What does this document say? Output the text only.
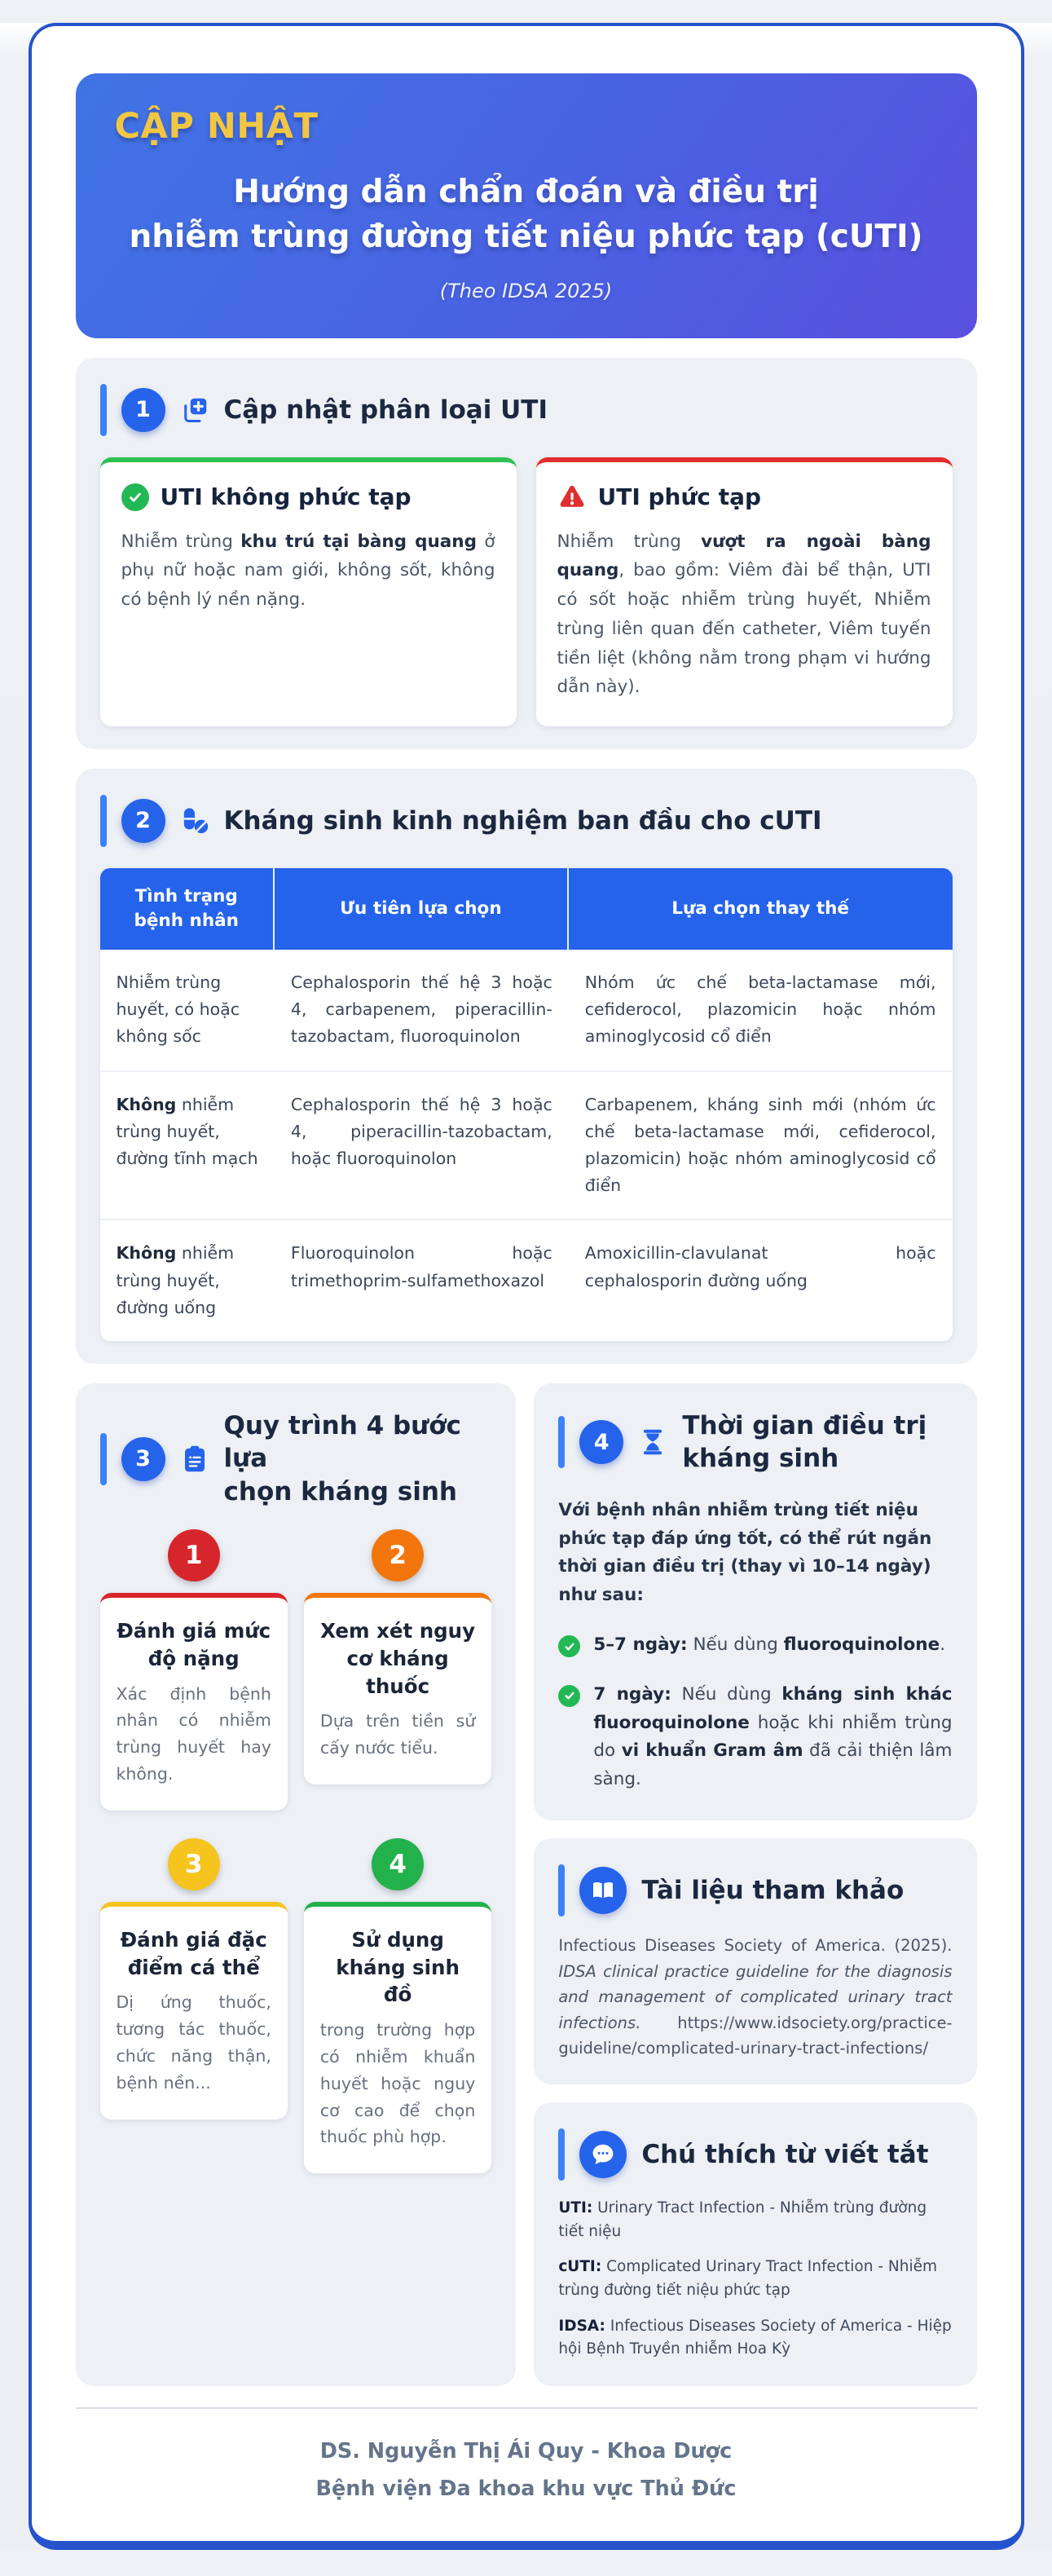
CẬP NHẬT
Hướng dẫn chẩn đoán và điều trị
nhiễm trùng đường tiết niệu phức tạp (cUTI)
(Theo IDSA 2025)
1	Cập nhật phân loại UTI
UTI không phức tạp
Nhiễm trùng khu trú tại bàng quang ở phụ nữ hoặc nam giới, không sốt, không có bệnh lý nền nặng.
UTI phức tạp
Nhiễm trùng vượt ra ngoài bàng quang, bao gồm: Viêm đài bể thận, UTI có sốt hoặc nhiễm trùng huyết, Nhiễm trùng liên quan đến catheter, Viêm tuyến tiền liệt (không nằm trong phạm vi hướng dẫn này).
2	Kháng sinh kinh nghiệm ban đầu cho cUTI
Tình trạng bệnh nhân	Ưu tiên lựa chọn	Lựa chọn thay thế
Nhiễm trùng huyết, có hoặc không sốc	Cephalosporin thế hệ 3 hoặc 4, carbapenem, piperacillin-tazobactam, fluoroquinolon	Nhóm ức chế beta-lactamase mới, cefiderocol, plazomicin hoặc nhóm aminoglycosid cổ điển
Không nhiễm trùng huyết, đường tĩnh mạch	Cephalosporin thế hệ 3 hoặc 4, piperacillin-tazobactam, hoặc fluoroquinolon	Carbapenem, kháng sinh mới (nhóm ức chế beta-lactamase mới, cefiderocol, plazomicin) hoặc nhóm aminoglycosid cổ điển
Không nhiễm trùng huyết, đường uống	Fluoroquinolon hoặc trimethoprim-sulfamethoxazol	Amoxicillin-clavulanat hoặc cephalosporin đường uống
3
Quy trình 4 bước lựa
chọn kháng sinh
1
Đánh giá mức độ nặng
Xác định bệnh nhân có nhiễm trùng huyết hay không.
2
Xem xét nguy cơ kháng thuốc
Dựa trên tiền sử cấy nước tiểu.
3
Đánh giá đặc điểm cá thể
Dị ứng thuốc, tương tác thuốc, chức năng thận, bệnh nền...
4
Sử dụng kháng sinh đồ
trong trường hợp có nhiễm khuẩn huyết hoặc nguy cơ cao để chọn thuốc phù hợp.
4
Thời gian điều trị
kháng sinh
Với bệnh nhân nhiễm trùng tiết niệu phức tạp đáp ứng tốt, có thể rút ngắn thời gian điều trị (thay vì 10–14 ngày) như sau:
5–7 ngày: Nếu dùng fluoroquinolone.
7 ngày: Nếu dùng kháng sinh khác fluoroquinolone hoặc khi nhiễm trùng do vi khuẩn Gram âm đã cải thiện lâm sàng.
Tài liệu tham khảo
Infectious Diseases Society of America. (2025). IDSA clinical practice guideline for the diagnosis and management of complicated urinary tract infections. https://www.idsociety.org/practice-guideline/complicated-urinary-tract-infections/
Chú thích từ viết tắt
UTI: Urinary Tract Infection - Nhiễm trùng đường tiết niệu
cUTI: Complicated Urinary Tract Infection - Nhiễm trùng đường tiết niệu phức tạp
IDSA: Infectious Diseases Society of America - Hiệp hội Bệnh Truyền nhiễm Hoa Kỳ
DS. Nguyễn Thị Ái Quy - Khoa Dược
Bệnh viện Đa khoa khu vực Thủ Đức
